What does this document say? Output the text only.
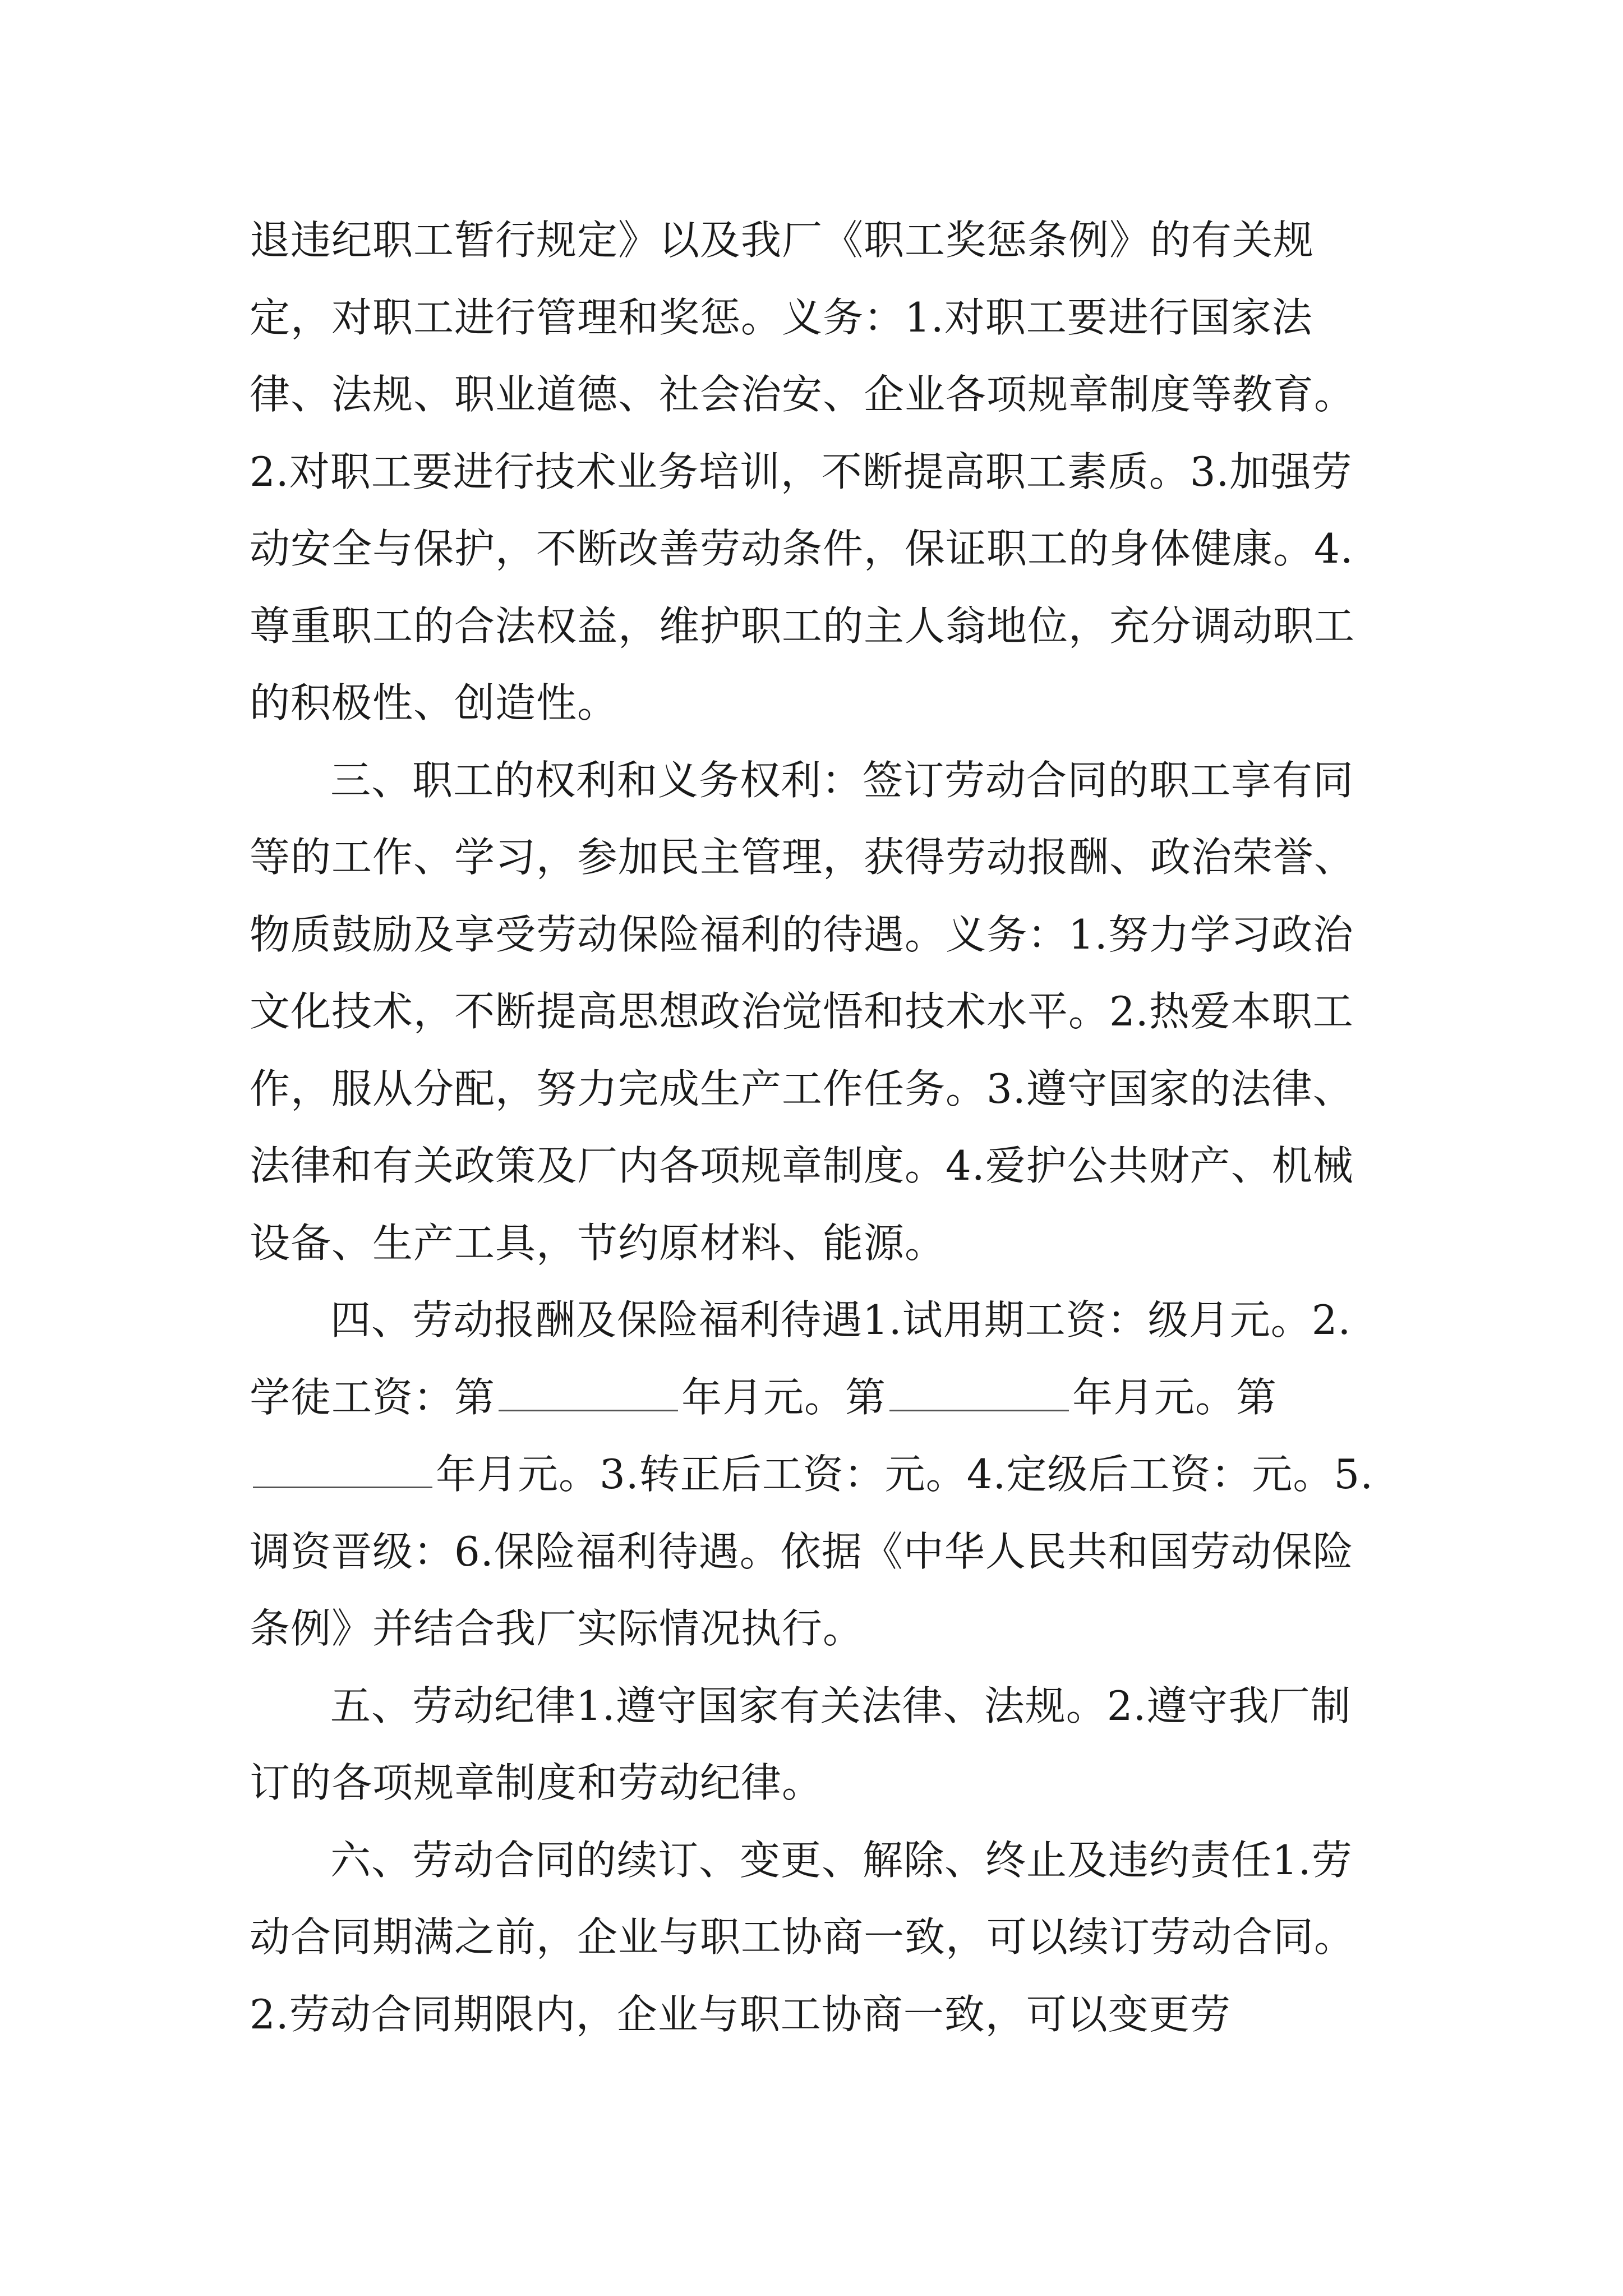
退违纪职工暂行规定》以及我厂《职工奖惩条例》的有关规定，对职工进行管理和奖惩。义务：1.对职工要进行国家法律、法规、职业道德、社会治安、企业各项规章制度等教育。2.对职工要进行技术业务培训，不断提高职工素质。3.加强劳动安全与保护，不断改善劳动条件，保证职工的身体健康。4.尊重职工的合法权益，维护职工的主人翁地位，充分调动职工的积极性、创造性。

三、职工的权利和义务权利：签订劳动合同的职工享有同等的工作、学习，参加民主管理，获得劳动报酬、政治荣誉、物质鼓励及享受劳动保险福利的待遇。义务：1.努力学习政治文化技术，不断提高思想政治觉悟和技术水平。2.热爱本职工作，服从分配，努力完成生产工作任务。3.遵守国家的法律、法律和有关政策及厂内各项规章制度。4.爱护公共财产、机械设备、生产工具，节约原材料、能源。

四、劳动报酬及保险福利待遇1.试用期工资：级月元。2.学徒工资：第	年月元。第	年月元。第年月元。3.转正后工资：元。4.定级后工资：元。5.调资晋级：6.保险福利待遇。依据《中华人民共和国劳动保险条例》并结合我厂实际情况执行。

五、劳动纪律1.遵守国家有关法律、法规。2.遵守我厂制订的各项规章制度和劳动纪律。

六、劳动合同的续订、变更、解除、终止及违约责任1.劳动合同期满之前，企业与职工协商一致，可以续订劳动合同。2.劳动合同期限内，企业与职工协商一致，可以变更劳
